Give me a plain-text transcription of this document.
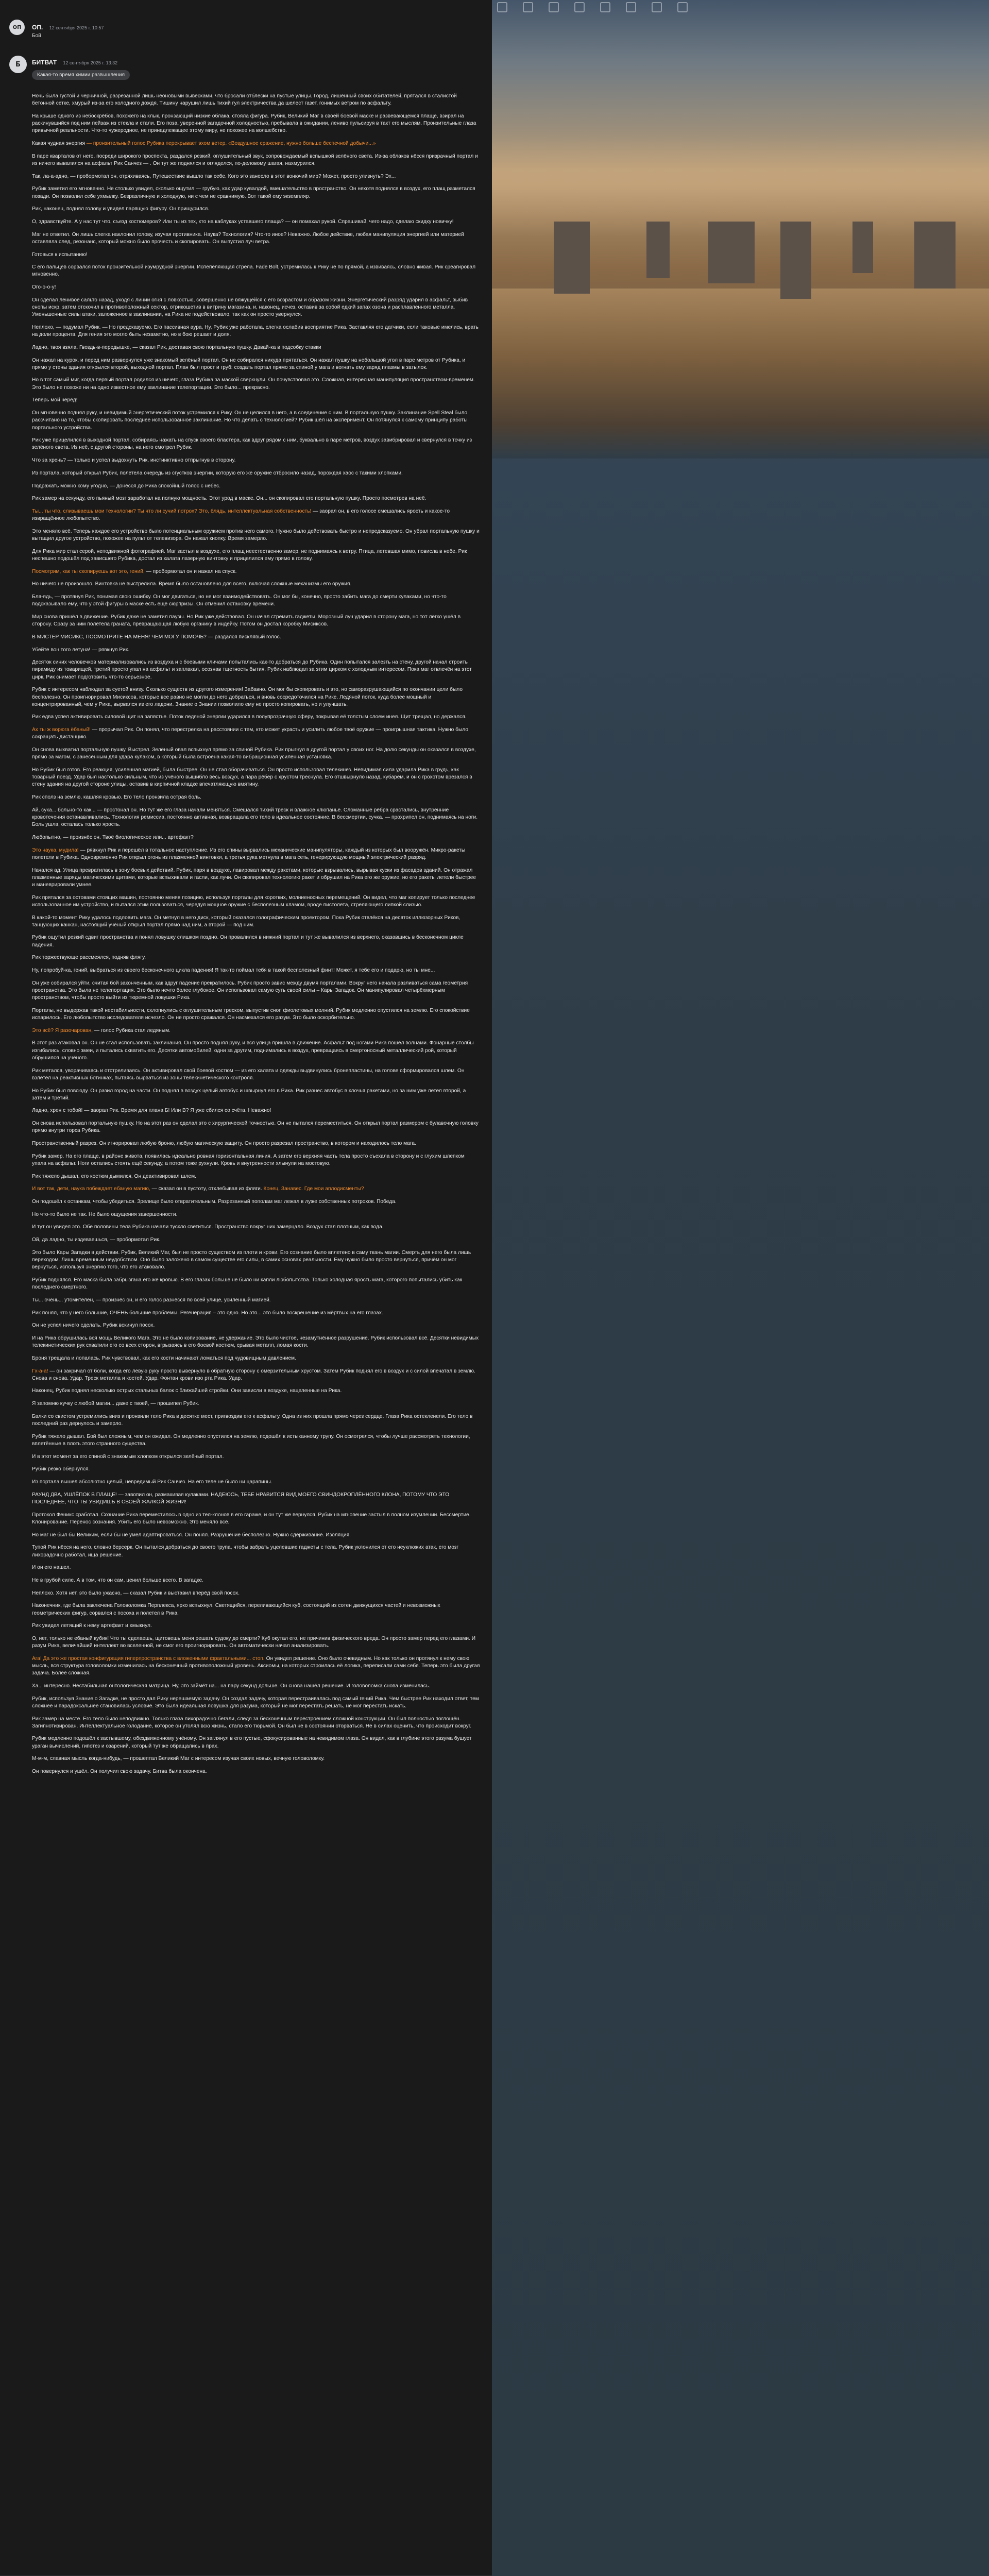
ОП	ОП. 12 сентября 2025 г. 10:57
Бой
Б	БИТВАТ 12 сентября 2025 г. 13:32
Какая-то время химии развышления

Ночь была густой и черничной, разрезанной лишь неоновыми вывесками, что бросали отблески на пустые улицы. Город, лишённый своих обитателей, прятался в сталистой бетонной сетке, хмурый из-за его холодного дождя. Тишину нарушил лишь тихий гул электричества да шелест газет, гонимых ветром по асфальту.

На крыше одного из небоскрёбов, похожего на клык, пронзающий низкие облака, стояла фигура. Рубик, Великий Маг в своей боевой маске и развевающемся плаще, взирал на раскинувшийся под ним пейзаж из стекла и стали. Его поза, уверенной загадочной холодностью, пребывала в ожидании, лениво пульсируя в такт его мыслям. Пронзительные глаза привычной реальности. Что-то чужеродное, не принадлежащее этому миру, не похожее на волшебство.

Какая чудная энергия — пронзительный голос Рубика перекрывает эхом ветер. «Воздушное сражение, нужно больше беспечной добычи...»

В паре кварталов от него, посреди широкого проспекта, раздался резкий, оглушительный звук, сопровождаемый вспышкой зелёного света. Из-за облаков нёсся призрачный портал и из ничего вывалился на асфальт Рик Санчез — . Он тут же поднялся и огляделся, по-деловому шагая, нахмурился.

Так, ла-а-адно, — пробормотал он, отряхиваясь, Путешествие вышло так себе. Кого это занесло в этот вонючий мир? Может, просто улизнуть? Эх...

Рубик заметил его мгновенно. Не столько увидел, сколько ощутил — грубую, как удар кувалдой, вмешательство в пространство. Он нехотя поднялся в воздух, его плащ разметался позади. Он позволил себе ухмылку. Безразличную и холодную, ни с чем не сравнимую. Вот такой ему экземпляр.

Рик, наконец, поднял голову и увидел парящую фигуру. Он прищурился.

О, здравствуйте. А у нас тут что, съезд костюмеров? Или ты из тех, кто на каблуках уставшего плаща? — он помахал рукой. Спрашивай, чего надо, сделаю скидку новичку!

Маг не ответил. Он лишь слегка наклонил голову, изучая противника. Наука? Технология? Что-то иное? Неважно. Любое действие, любая манипуляция энергией или материей оставляла след, резонанс, который можно было прочесть и скопировать. Он выпустил луч ветра.

Готовься к испытанию!

С его пальцев сорвался поток пронзительной изумрудной энергии. Испепеляющая стрела. Fade Bolt, устремилась к Рику не по прямой, а извиваясь, словно живая. Рик среагировал мгновенно.

Ого-о-о-у!

Он сделал ленивое сальто назад, уходя с линии огня с ловкостью, совершенно не вяжущейся с его возрастом и образом жизни. Энергетический разряд ударил в асфальт, выбив снопы искр, затем отскочил в противоположный сектор, отрикошетив в витрину магазина, и, наконец, исчез, оставив за собой едкий запах озона и расплавленного металла. Уменьшенные силы атаки, заложенное в заклинании, на Рика не подействовало, так как он просто увернулся.

Неплохо, — подумал Рубик. — Но предсказуемо. Его пассивная аура, Ну, Рубик уже работала, слегка ослабив восприятие Рика. Заставляя его датчики, если таковые имелись, врать на доли процента. Для гения это могло быть незаметно, но в бою решает и доля.

Ладно, твоя взяла. Гвоздь-в-передышке, — сказал Рик, доставая свою портальную пушку. Давай-ка в подсобку ставки

Он нажал на курок, и перед ним развернулся уже знакомый зелёный портал. Он не собирался никуда прятаться. Он нажал пушку на небольшой угол в паре метров от Рубика, и прямо у стены здания открылся второй, выходной портал. План был прост и груб: создать портал прямо за спиной у мага и вогнать ему заряд плазмы в затылок.

Но в тот самый миг, когда первый портал родился из ничего, глаза Рубика за маской сверкнули. Он почувствовал это. Сложная, интересная манипуляция пространством-временем. Это было не похоже ни на одно известное ему заклинание телепортации. Это было... прекрасно.

Теперь мой черёд!

Он мгновенно поднял руку, и невидимый энергетический поток устремился к Рику. Он не целился в него, а в соединение с ним. В портальную пушку. Заклинание Spell Steal было рассчитано на то, чтобы скопировать последнее использованное заклинание. Но что делать с технологией? Рубик шёл на эксперимент. Он потянулся к самому принципу работы портального устройства.

Рик уже прицелился в выходной портал, собираясь нажать на спуск своего бластера, как вдруг рядом с ним, буквально в паре метров, воздух завибрировал и свернулся в точку из зелёного света. Из неё, с другой стороны, на него смотрел Рубик.

Что за хрень? — только и успел выдохнуть Рик, инстинктивно отпрыгнув в сторону.

Из портала, который открыл Рубик, полетела очередь из сгустков энергии, которую его же оружие отбросило назад, порождая хаос с такими хлопками.

Подражать можно кому угодно, — донёсся до Рика спокойный голос с небес.

Рик замер на секунду, его пьяный мозг заработал на полную мощность. Этот урод в маске. Он... он скопировал его портальную пушку. Просто посмотрев на неё.

Ты... ты что, слизываешь мои технологии? Ты что ли сучий потрох? Это, блядь, интеллектуальная собственность! — заорал он, в его голосе смешались ярость и какое-то извращённое любопытство.

Это меняло всё. Теперь каждое его устройство было потенциальным оружием против него самого. Нужно было действовать быстро и непредсказуемо. Он убрал портальную пушку и вытащил другое устройство, похожее на пульт от телевизора. Он нажал кнопку. Время замерло.

Для Рика мир стал серой, неподвижной фотографией. Маг застыл в воздухе, его плащ неестественно замер, не поднимаясь к ветру. Птица, летевшая мимо, повисла в небе. Рик неспешно подошёл под зависшего Рубика, достал из халата лазерную винтовку и прицелился ему прямо в голову.

Посмотрим, как ты скопируешь вот это, гений, — пробормотал он и нажал на спуск.

Но ничего не произошло. Винтовка не выстрелила. Время было остановлено для всего, включая сложные механизмы его оружия.

Бля-ядь, — протянул Рик, понимая свою ошибку. Он мог двигаться, но не мог взаимодействовать. Он мог бы, конечно, просто забить мага до смерти кулаками, но что-то подсказывало ему, что у этой фигуры в маске есть ещё сюрпризы. Он отменил остановку времени.

Мир снова пришёл в движение. Рубик даже не заметил паузы. Но Рик уже действовал. Он начал стремить гаджеты. Морозный луч ударил в сторону мага, но тот легко ушёл в сторону. Сразу за ним полетела граната, превращающая любую органику в индейку. Потом он достал коробку Мисиксов.

В МИСТЕР МИСИКС, ПОСМОТРИТЕ НА МЕНЯ! ЧЕМ МОГУ ПОМОЧЬ? — раздался писклявый голос.

Убейте вон того летуна! — рявкнул Рик.

Десяток синих человечков материализовались из воздуха и с боевыми кличами попытались как-то добраться до Рубика. Один попытался залезть на стену, другой начал строить пирамиду из товарищей, третий просто упал на асфальт и заплакал, осознав тщетность бытия. Рубик наблюдал за этим цирком с холодным интересом. Пока маг отвлечён на этот цирк, Рик снимает подготовить что-то серьезное.

Рубик с интересом наблюдал за суетой внизу. Сколько существ из другого измерения! Забавно. Он мог бы скопировать и это, но саморазрушающийся по окончании цели было бесполезно. Он проигнорировал Мисиксов, которые все равно не могли до него добраться, и вновь сосредоточился на Рике. Ледяной поток, куда более мощный и концентрированный, чем у Рика, вырвался из его ладони. Знание о Знании позволило ему не просто копировать, но и улучшать.

Рик едва успел активировать силовой щит на запястье. Поток ледяной энергии ударился в полупрозрачную сферу, покрывая её толстым слоем инея. Щит трещал, но держался.

Ах ты ж ворюга ёбаный! — прорычал Рик. Он понял, что перестрелка на расстоянии с тем, кто может украсть и усилить любое твоё оружие — проигрышная тактика. Нужно было сокращать дистанцию.

Он снова выхватил портальную пушку. Выстрел. Зелёный овал вспыхнул прямо за спиной Рубика. Рик прыгнул в другой портал у своих ног. На долю секунды он оказался в воздухе, прямо за магом, с занесённым для удара кулаком, в который была встроена какая-то вибрационная усиленная установка.

Но Рубик был готов. Его реакция, усиленная магией, была быстрее. Он не стал оборачиваться. Он просто использовал телекинез. Невидимая сила ударила Рика в грудь, как товарный поезд. Удар был настолько сильным, что из учёного вышибло весь воздух, а пара рёбер с хрустом треснула. Его отшвырнуло назад, кубарем, и он с грохотом врезался в стену здания на другой стороне улицы, оставив в кирпичной кладке впечатляющую вмятину.

Рик сполз на землю, кашляя кровью. Его тело пронзила острая боль.

Ай, сука... больно-то как... — простонал он. Но тут же его глаза начали меняться. Смешался тихий треск и влажное хлюпанье. Сломанные рёбра срастались, внутренние кровотечения останавливались. Технология ремиссиа, постоянно активная, возвращала его тело в идеальное состояние. В бессмертии, сучка. — прохрипел он, поднимаясь на ноги. Боль ушла, осталась только ярость.

Любопытно, — произнёс он. Твоё биологическое или... артефакт?

Это наука, мудила! — рявкнул Рик и перешёл в тотальное наступление. Из его спины вырвались механические манипуляторы, каждый из которых был вооружён. Микро-ракеты полетели в Рубика. Одновременно Рик открыл огонь из плазменной винтовки, а третья рука метнула в мага сеть, генерирующую мощный электрический разряд.

Начался ад. Улица превратилась в зону боевых действий. Рубик, паря в воздухе, лавировал между ракетами, которые взрывались, вырывая куски из фасадов зданий. Он отражал плазменные заряды магическими щитами, которые вспыхивали и гасли, как лучи. Он скопировал технологию ракет и обрушил на Рика его же оружие, но его ракеты летели быстрее и маневрировали умнее.

Рик прятался за остовами стоящих машин, постоянно меняя позицию, используя порталы для коротких, молниеносных перемещений. Он видел, что маг копирует только последнее использованное им устройство, и пытался этим пользоваться, чередуя мощное оружие с бесполезным хламом, вроде пистолета, стреляющего липкой слизью.

В какой-то момент Рику удалось подловить мага. Он метнул в него диск, который оказался голографическим проектором. Пока Рубик отвлёкся на десяток иллюзорных Риков, танцующих канкан, настоящий учёный открыл портал прямо над ним, а второй — под ним.

Рубик ощутил резкий сдвиг пространства и понял ловушку слишком поздно. Он провалился в нижний портал и тут же вывалился из верхнего, оказавшись в бесконечном цикле падения.

Рик торжествующе рассмеялся, подняв флягу.

Ну, попробуй-ка, гений, выбраться из своего бесконечного цикла падения! Я так-то поймал тебя в такой бесполезный финт! Может, я тебе его и подарю, но ты мне...

Он уже собирался уйти, считая бой законченным, как вдруг падение прекратилось. Рубик просто завис между двумя порталами. Вокруг него начала разливаться сама геометрия пространства. Это была не телепортация. Это было нечто более глубокое. Он использовал самую суть своей силы – Кары Загадок. Он манипулировал четырёхмерным пространством, чтобы просто выйти из тюремной ловушки Рика.

Порталы, не выдержав такой нестабильности, схлопнулись с оглушительным треском, выпустив сноп фиолетовых молний. Рубик медленно опустился на землю. Его спокойствие испарилось. Его любопытство исследователя исчезло. Он не просто сражался. Он насмехался его разум. Это было оскорбительно.

Это всё? Я разочарован, — голос Рубика стал ледяным.

В этот раз атаковал он. Он не стал использовать заклинания. Он просто поднял руку, и вся улица пришла в движение. Асфальт под ногами Рика пошёл волнами. Фонарные столбы изгибались, словно змеи, и пытались схватить его. Десятки автомобилей, одни за другим, поднимались в воздух, превращаясь в смертоносный металлический рой, который обрушился на учёного.

Рик метался, уворачиваясь и отстреливаясь. Он активировал свой боевой костюм — из его халата и одежды выдвинулись бронепластины, на голове сформировался шлем. Он взлетел на реактивных ботинках, пытаясь вырваться из зоны телекинетического контроля.

Но Рубик был повсюду. Он разил город на части. Он поднял в воздух целый автобус и швырнул его в Рика. Рик разнес автобус в клочья ракетами, но за ним уже летел второй, а затем и третий.

Ладно, хрен с тобой! — заорал Рик. Время для плана Б! Или В? Я уже сбился со счёта. Неважно!

Он снова использовал портальную пушку. Но на этот раз он сделал это с хирургической точностью. Он не пытался переместиться. Он открыл портал размером с булавочную головку прямо внутри торса Рубика.

Пространственный разрез. Он игнорировал любую броню, любую магическую защиту. Он просто разрезал пространство, в котором и находилось тело мага.

Рубик замер. На его плаще, в районе живота, появилась идеально ровная горизонтальная линия. А затем его верхняя часть тела просто съехала в сторону и с глухим шлепком упала на асфальт. Ноги остались стоять ещё секунду, а потом тоже рухнули. Кровь и внутренности хлынули на мостовую.

Рик тяжело дышал, его костюм дымился. Он деактивировал шлем.

И вот так, дети, наука побеждает ебаную магию, — сказал он в пустоту, отхлебывая из фляги. Конец. Занавес. Где мои аплодисменты?

Он подошёл к останкам, чтобы убедиться. Зрелище было отвратительным. Разрезанный пополам маг лежал в луже собственных потрохов. Победа.

Но что-то было не так. Не было ощущения завершенности.

И тут он увидел это. Обе половины тела Рубика начали тускло светиться. Пространство вокруг них замерцало. Воздух стал плотным, как вода.

Ой, да ладно, ты издеваешься, — пробормотал Рик.

Это было Кары Загадки в действии. Рубик, Великий Маг, был не просто существом из плоти и крови. Его сознание было вплетено в саму ткань магии. Смерть для него была лишь переходом. Лишь временным неудобством. Оно было заложено в самом существе его силы, в самих основах реальности. Ему нужно было просто вернуться, причём он мог вернуться, используя энергию того, что его атаковало.

Рубик поднялся. Его маска была забрызгана его же кровью. В его глазах больше не было ни капли любопытства. Только холодная ярость мага, которого попытались убить как последнего смертного.

Ты... очень... утомителен, — произнёс он, и его голос разнёсся по всей улице, усиленный магией.

Рик понял, что у него большие, ОЧЕНЬ большие проблемы. Регенерация – это одно. Но это... это было воскрешение из мёртвых на его глазах.

Он не успел ничего сделать. Рубик вскинул посох.

И на Рика обрушилась вся мощь Великого Мага. Это не было копирование, не удержание. Это было чистое, незамутнённое разрушение. Рубик использовал всё. Десятки невидимых телекинетических рук схватили его со всех сторон, вгрызаясь в его боевой костюм, срывая металл, ломая кости.

Броня трещала и лопалась. Рик чувствовал, как его кости начинают ломаться под чудовищным давлением.

Гх-а-а! — он закричал от боли, когда его левую руку просто вывернуло в обратную сторону с омерзительным хрустом. Затем Рубик поднял его в воздух и с силой впечатал в землю. Снова и снова. Удар. Треск металла и костей. Удар. Фонтан крови изо рта Рика. Удар.

Наконец, Рубик поднял несколько острых стальных балок с ближайшей стройки. Они зависли в воздухе, нацеленные на Рика.

Я запомню кучку с любой магии... даже с твоей, — прошипел Рубик.

Балки со свистом устремились вниз и пронзили тело Рика в десятке мест, пригвоздив его к асфальту. Одна из них прошла прямо через сердце. Глаза Рика остекленели. Его тело в последний раз дернулось и замерло.

Рубик тяжело дышал. Бой был сложным, чем он ожидал. Он медленно опустился на землю, подошёл к истыканному трупу. Он осмотрелся, чтобы лучше рассмотреть технологии, вплетённые в плоть этого странного существа.

И в этот момент за его спиной с знакомым хлопком открылся зелёный портал.

Рубик резко обернулся.

Из портала вышел абсолютно целый, невредимый Рик Санчез. На его теле не было ни царапины.

РАУНД ДВА, УШЛЁПОК В ПЛАЩЕ! — завопил он, размахивая кулаками. НАДЕЮСЬ, ТЕБЕ НРАВИТСЯ ВИД МОЕГО СВИНДОКРОПЛЁННОГО КЛОНА, ПОТОМУ ЧТО ЭТО ПОСЛЕДНЕЕ, ЧТО ТЫ УВИДИШЬ В СВОЕЙ ЖАЛКОЙ ЖИЗНИ!

Протокол Феникс сработал. Сознание Рика переместилось в одно из тел-клонов в его гараже, и он тут же вернулся. Рубик на мгновение застыл в полном изумлении. Бессмертие. Клонирование. Перенос сознания. Убить его было невозможно. Это меняло всё.

Но маг не был бы Великим, если бы не умел адаптироваться. Он понял. Разрушение бесполезно. Нужно сдерживание. Изоляция.

Тупой Рик нёсся на него, словно берсерк. Он пытался добраться до своего трупа, чтобы забрать уцелевшие гаджеты с тела. Рубик уклонился от его неуклюжих атак, его мозг лихорадочно работал, ища решение.

И он его нашел.

Не в грубой силе. А в том, что он сам, ценил больше всего. В загадке.

Неплохо. Хотя нет, это было ужасно, — сказал Рубик и выставил вперёд свой посох.

Наконечник, где была заключена Головоломка Перплекса, ярко вспыхнул. Светящийся, переливающийся куб, состоящий из сотен движущихся частей и невозможных геометрических фигур, сорвался с посоха и полетел в Рика.

Рик увидел летящий к нему артефакт и хмыкнул.

О, нет, только не ебаный кубик! Что ты сделаешь, щитовешь меня решать судоку до смерти? Куб окутал его, не причинив физического вреда. Он просто замер перед его глазами. И разум Рика, величайший интеллект во вселенной, не смог его проигнорировать. Он автоматически начал анализировать.

Ага! Да это же простая конфигурация гиперпространства с вложенными фрактальными... стоп. Он увидел решение. Оно было очевидным. Но как только он протянул к нему свою мысль, вся структура головоломки изменилась на бесконечный противоположный уровень. Аксиомы, на которых строилась её логика, переписали сами себя. Теперь это была другая задача. Более сложная.

Ха... интересно. Нестабильная онтологическая матрица. Ну, это займёт на... на пару секунд дольше. Он снова нашёл решение. И головоломка снова изменилась.

Рубик, используя Знание о Загадке, не просто дал Рику нерешаемую задачу. Он создал задачу, которая перестраивалась под самый гений Рика. Чем быстрее Рик находил ответ, тем сложнее и парадоксальнее становилась условие. Это была идеальная ловушка для разума, который не мог перестать решать, не мог перестать искать.

Рик замер на месте. Его тело было неподвижно. Только глаза лихорадочно бегали, следя за бесконечным перестроением сложной конструкции. Он был полностью поглощён. Загипнотизирован. Интеллектуальное голодание, которое он утолял всю жизнь, стало его тюрьмой. Он был не в состоянии оторваться. Не в силах оценить, что происходит вокруг.

Рубик медленно подошёл к застывшему, обездвиженному учёному. Он заглянул в его пустые, сфокусированные на невидимом глаза. Он видел, как в глубине этого разума бушует ураган вычислений, гипотез и озарений, который тут же обращались в прах.

М-м-м, славная мысль когда-нибудь, — прошептал Великий Маг с интересом изучая своих новых, вечную головоломку.

Он повернулся и ушёл. Он получил свою задачу. Битва была окончена.
